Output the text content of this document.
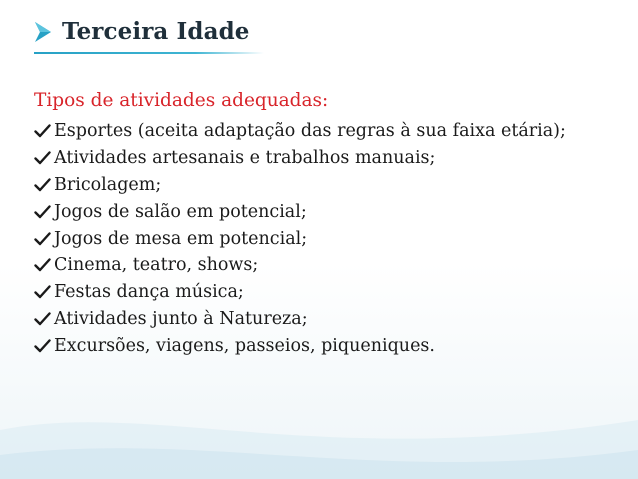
Terceira Idade
Tipos de atividades adequadas:
Esportes (aceita adaptação das regras à sua faixa etária);
Atividades artesanais e trabalhos manuais;
Bricolagem;
Jogos de salão em potencial;
Jogos de mesa em potencial;
Cinema, teatro, shows;
Festas dança música;
Atividades junto à Natureza;
Excursões, viagens, passeios, piqueniques.
